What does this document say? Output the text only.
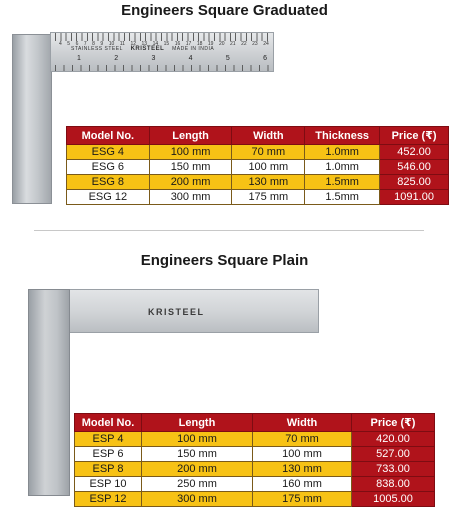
Engineers Square Graduated
4 5 6 7 8 9 10 11 12 13 14 15 16 17 18 19 20 21 22 23 24
STAINLESS STEEL KRISTEEL MADE IN INDIA
1	2	3	4	5	6
Model No.	Length	Width	Thickness	Price (₹)
ESG 4	100 mm	70 mm	1.0mm	452.00
ESG 6	150 mm	100 mm	1.0mm	546.00
ESG 8	200 mm	130 mm	1.5mm	825.00
ESG 12	300 mm	175 mm	1.5mm	1091.00
Engineers Square Plain
KRISTEEL
Model No.	Length	Width	Price (₹)
ESP 4	100 mm	70 mm	420.00
ESP 6	150 mm	100 mm	527.00
ESP 8	200 mm	130 mm	733.00
ESP 10	250 mm	160 mm	838.00
ESP 12	300 mm	175 mm	1005.00
